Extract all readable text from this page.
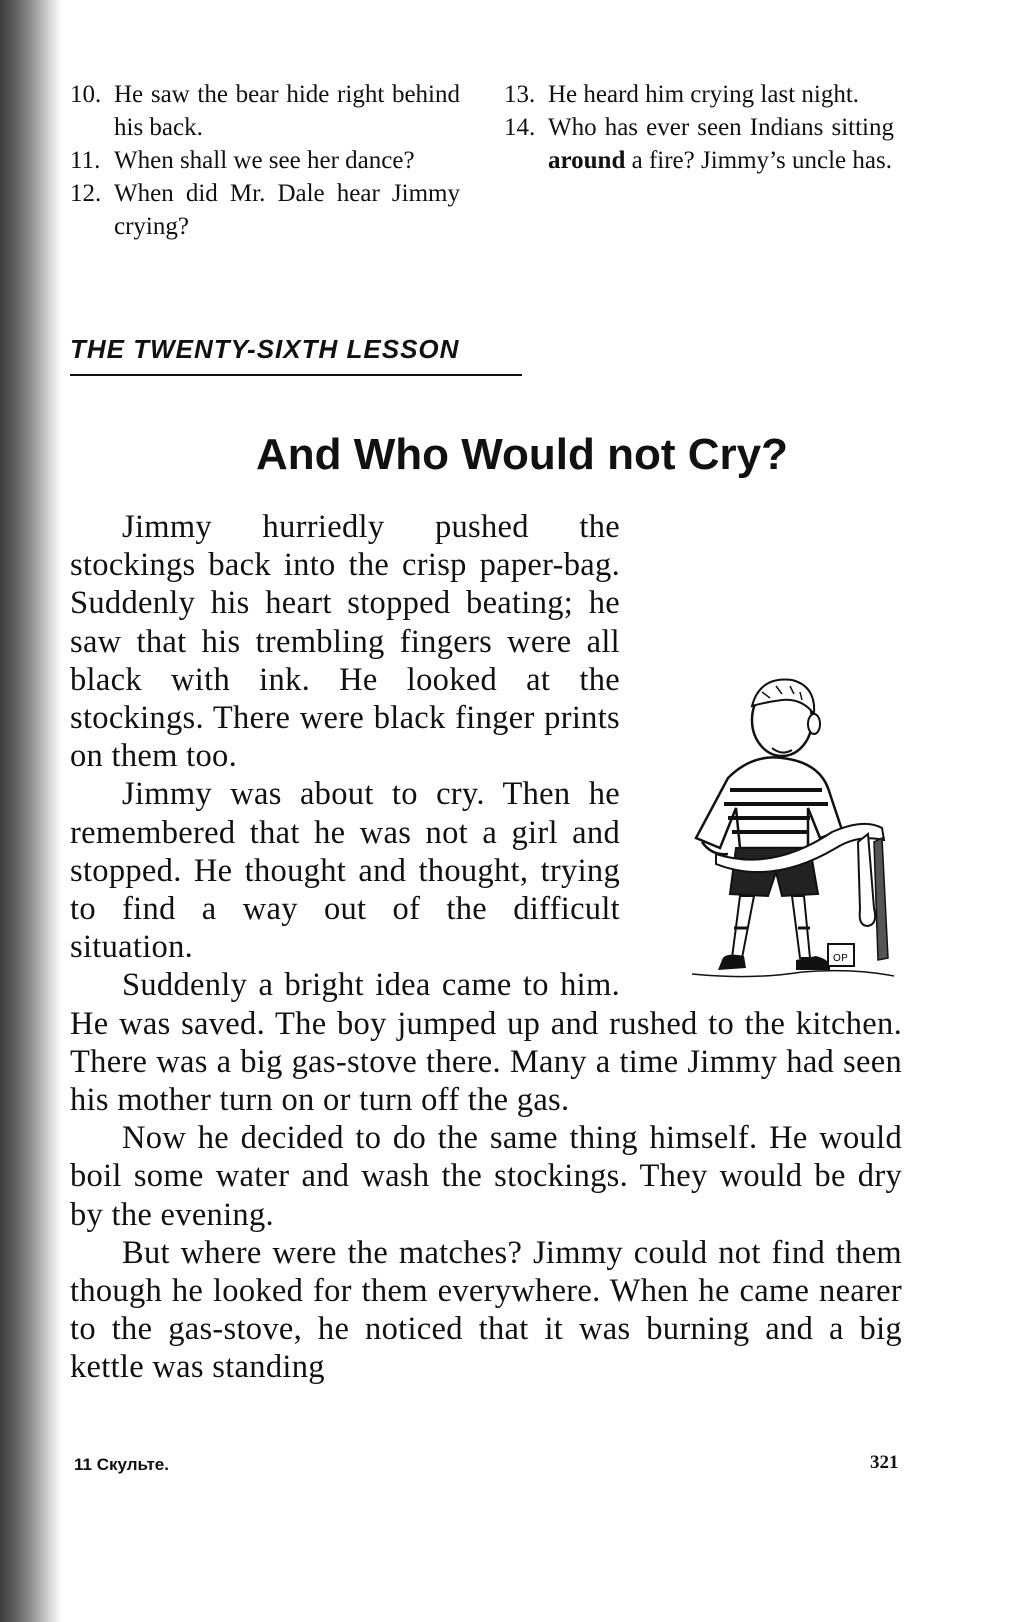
10. He saw the bear hide right behind his back.
11. When shall we see her dance?
12. When did Mr. Dale hear Jimmy crying?
13. He heard him crying last night.
14. Who has ever seen Indians sitting around a fire? Jimmy’s uncle has.
THE TWENTY-SIXTH LESSON
And Who Would not Cry?
OP

Jimmy hurriedly pushed the stockings back into the crisp paper-bag. Suddenly his heart stopped beating; he saw that his trembling fingers were all black with ink. He looked at the stockings. There were black finger prints on them too.

Jimmy was about to cry. Then he remembered that he was not a girl and stopped. He thought and thought, trying to find a way out of the difficult situation.

Suddenly a bright idea came to him. He was saved. The boy jumped up and rushed to the kitchen. There was a big gas-stove there. Many a time Jimmy had seen his mother turn on or turn off the gas.

Now he decided to do the same thing himself. He would boil some water and wash the stockings. They would be dry by the evening.

But where were the matches? Jimmy could not find them though he looked for them everywhere. When he came nearer to the gas-stove, he noticed that it was burning and a big kettle was standing

11 Скульте.	321
